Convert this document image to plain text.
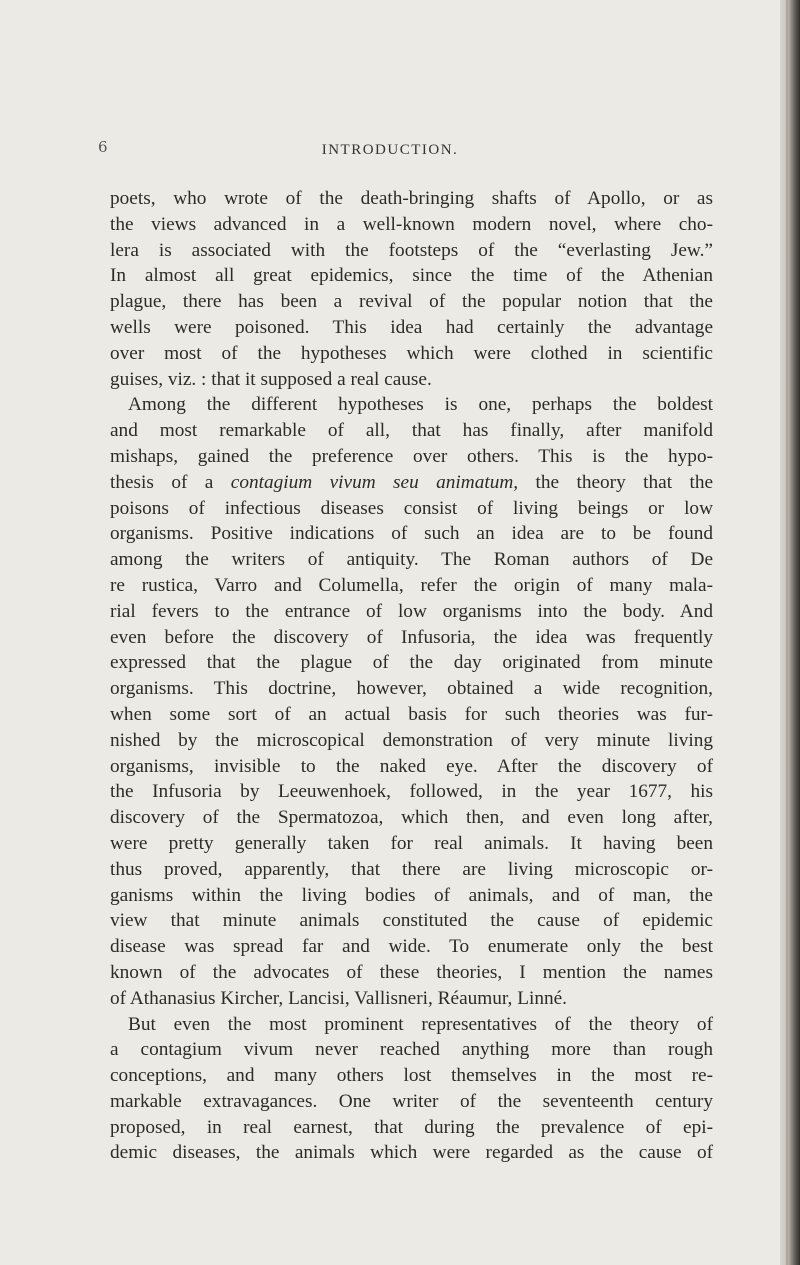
6	INTRODUCTION.
poets, who wrote of the death-bringing shafts of Apollo, or as
the views advanced in a well-known modern novel, where cho-
lera is associated with the footsteps of the “everlasting Jew.”
In almost all great epidemics, since the time of the Athenian
plague, there has been a revival of the popular notion that the
wells were poisoned. This idea had certainly the advantage
over most of the hypotheses which were clothed in scientific
guises, viz. : that it supposed a real cause.
Among the different hypotheses is one, perhaps the boldest
and most remarkable of all, that has finally, after manifold
mishaps, gained the preference over others. This is the hypo-
thesis of a contagium vivum seu animatum, the theory that the
poisons of infectious diseases consist of living beings or low
organisms. Positive indications of such an idea are to be found
among the writers of antiquity. The Roman authors of De
re rustica, Varro and Columella, refer the origin of many mala-
rial fevers to the entrance of low organisms into the body. And
even before the discovery of Infusoria, the idea was frequently
expressed that the plague of the day originated from minute
organisms. This doctrine, however, obtained a wide recognition,
when some sort of an actual basis for such theories was fur-
nished by the microscopical demonstration of very minute living
organisms, invisible to the naked eye. After the discovery of
the Infusoria by Leeuwenhoek, followed, in the year 1677, his
discovery of the Spermatozoa, which then, and even long after,
were pretty generally taken for real animals. It having been
thus proved, apparently, that there are living microscopic or-
ganisms within the living bodies of animals, and of man, the
view that minute animals constituted the cause of epidemic
disease was spread far and wide. To enumerate only the best
known of the advocates of these theories, I mention the names
of Athanasius Kircher, Lancisi, Vallisneri, Réaumur, Linné.
But even the most prominent representatives of the theory of
a contagium vivum never reached anything more than rough
conceptions, and many others lost themselves in the most re-
markable extravagances. One writer of the seventeenth century
proposed, in real earnest, that during the prevalence of epi-
demic diseases, the animals which were regarded as the cause of
